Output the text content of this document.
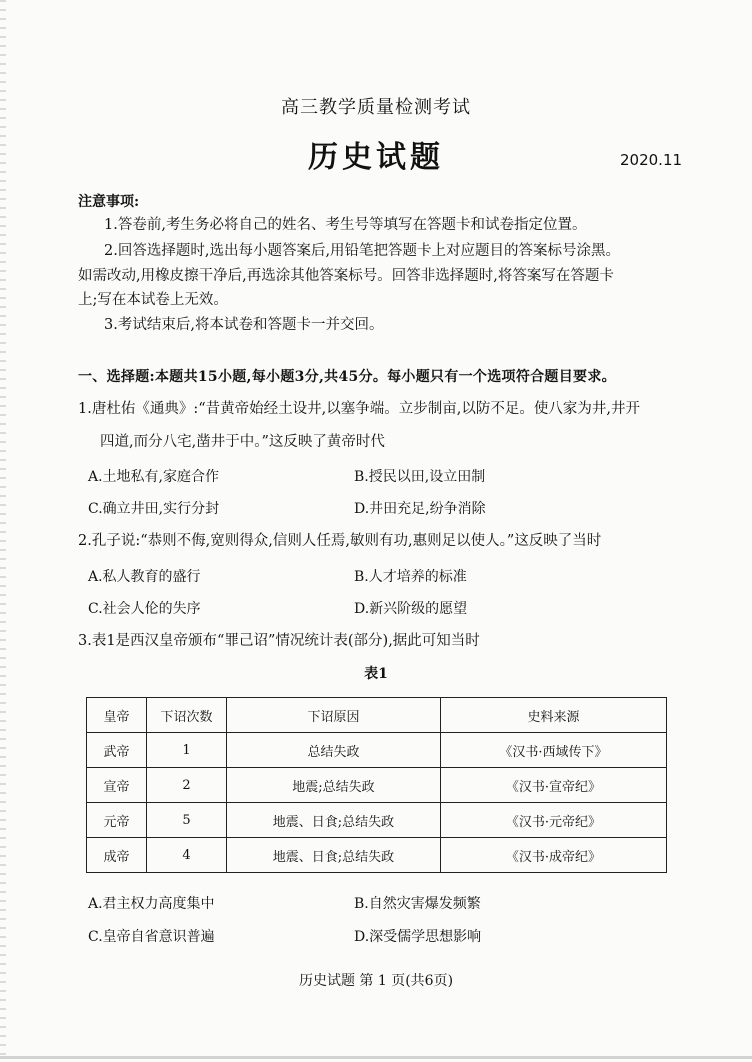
高三教学质量检测考试
历史试题	2020.11
注意事项:
1.答卷前,考生务必将自己的姓名、考生号等填写在答题卡和试卷指定位置。
2.回答选择题时,选出每小题答案后,用铅笔把答题卡上对应题目的答案标号涂黑。
如需改动,用橡皮擦干净后,再选涂其他答案标号。回答非选择题时,将答案写在答题卡
上;写在本试卷上无效。
3.考试结束后,将本试卷和答题卡一并交回。
一、选择题:本题共15小题,每小题3分,共45分。每小题只有一个选项符合题目要求。
1.唐杜佑《通典》:“昔黄帝始经土设井,以塞争端。立步制亩,以防不足。使八家为井,井开
四道,而分八宅,凿井于中。”这反映了黄帝时代
A.土地私有,家庭合作	B.授民以田,设立田制
C.确立井田,实行分封	D.井田充足,纷争消除
2.孔子说:“恭则不侮,宽则得众,信则人任焉,敏则有功,惠则足以使人。”这反映了当时
A.私人教育的盛行	B.人才培养的标准
C.社会人伦的失序	D.新兴阶级的愿望
3.表1是西汉皇帝颁布“罪己诏”情况统计表(部分),据此可知当时
表1
皇帝	下诏次数	下诏原因	史料来源
武帝	1	总结失政	《汉书·西域传下》
宣帝	2	地震;总结失政	《汉书·宣帝纪》
元帝	5	地震、日食;总结失政	《汉书·元帝纪》
成帝	4	地震、日食;总结失政	《汉书·成帝纪》
A.君主权力高度集中	B.自然灾害爆发频繁
C.皇帝自省意识普遍	D.深受儒学思想影响
历史试题 第 1 页(共6页)
